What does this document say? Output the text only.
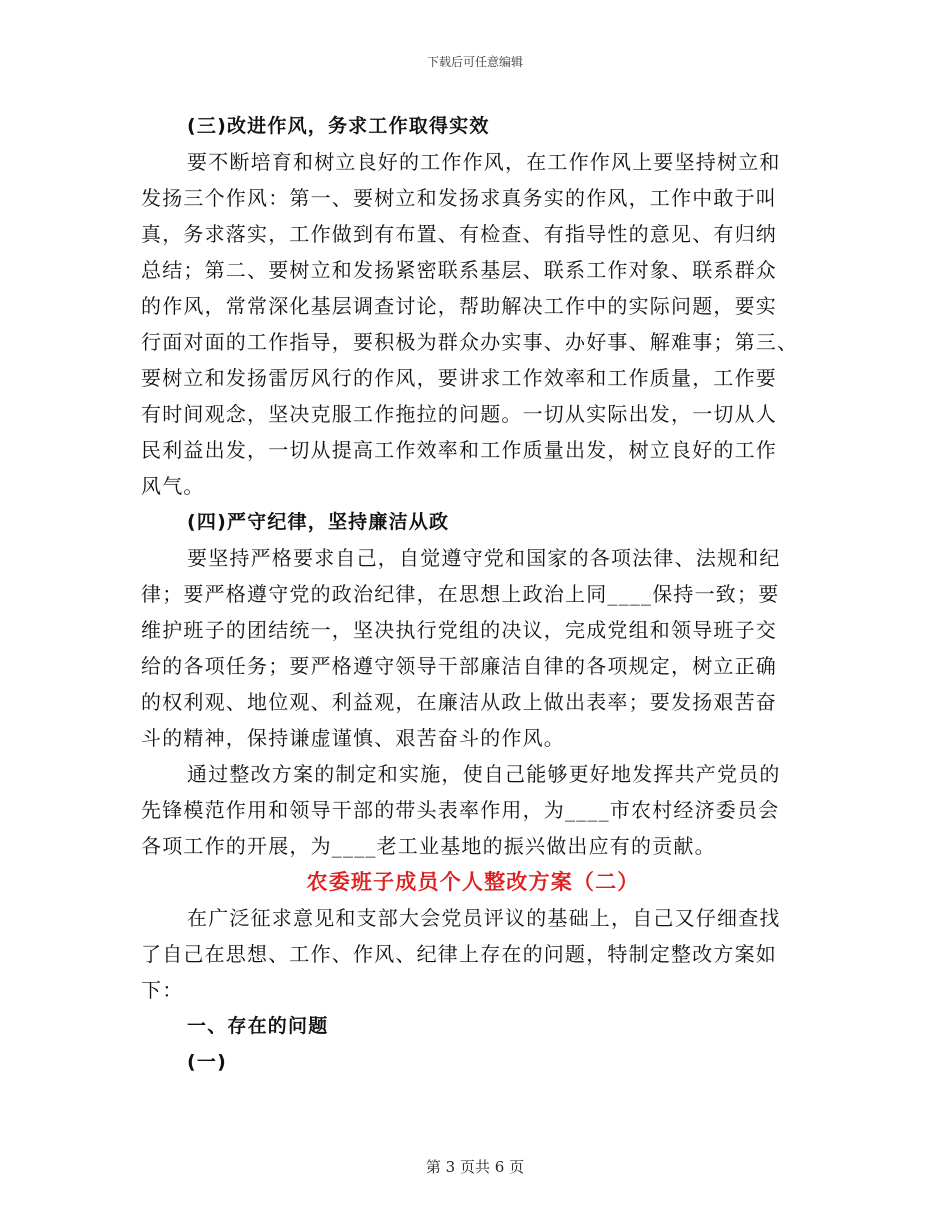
下载后可任意编辑
(三)改进作风，务求工作取得实效
要不断培育和树立良好的工作作风，在工作作风上要坚持树立和
发扬三个作风：第一、要树立和发扬求真务实的作风，工作中敢于叫
真，务求落实，工作做到有布置、有检查、有指导性的意见、有归纳
总结；第二、要树立和发扬紧密联系基层、联系工作对象、联系群众
的作风，常常深化基层调查讨论，帮助解决工作中的实际问题，要实
行面对面的工作指导，要积极为群众办实事、办好事、解难事；第三、
要树立和发扬雷厉风行的作风，要讲求工作效率和工作质量，工作要
有时间观念，坚决克服工作拖拉的问题。一切从实际出发，一切从人
民利益出发，一切从提高工作效率和工作质量出发，树立良好的工作
风气。
(四)严守纪律，坚持廉洁从政
要坚持严格要求自己，自觉遵守党和国家的各项法律、法规和纪
律；要严格遵守党的政治纪律，在思想上政治上同____保持一致；要
维护班子的团结统一，坚决执行党组的决议，完成党组和领导班子交
给的各项任务；要严格遵守领导干部廉洁自律的各项规定，树立正确
的权利观、地位观、利益观，在廉洁从政上做出表率；要发扬艰苦奋
斗的精神，保持谦虚谨慎、艰苦奋斗的作风。
通过整改方案的制定和实施，使自己能够更好地发挥共产党员的
先锋模范作用和领导干部的带头表率作用，为____市农村经济委员会
各项工作的开展，为____老工业基地的振兴做出应有的贡献。
农委班子成员个人整改方案（二）
在广泛征求意见和支部大会党员评议的基础上，自己又仔细查找
了自己在思想、工作、作风、纪律上存在的问题，特制定整改方案如
下：
一、存在的问题
(一)
第 3 页共 6 页
